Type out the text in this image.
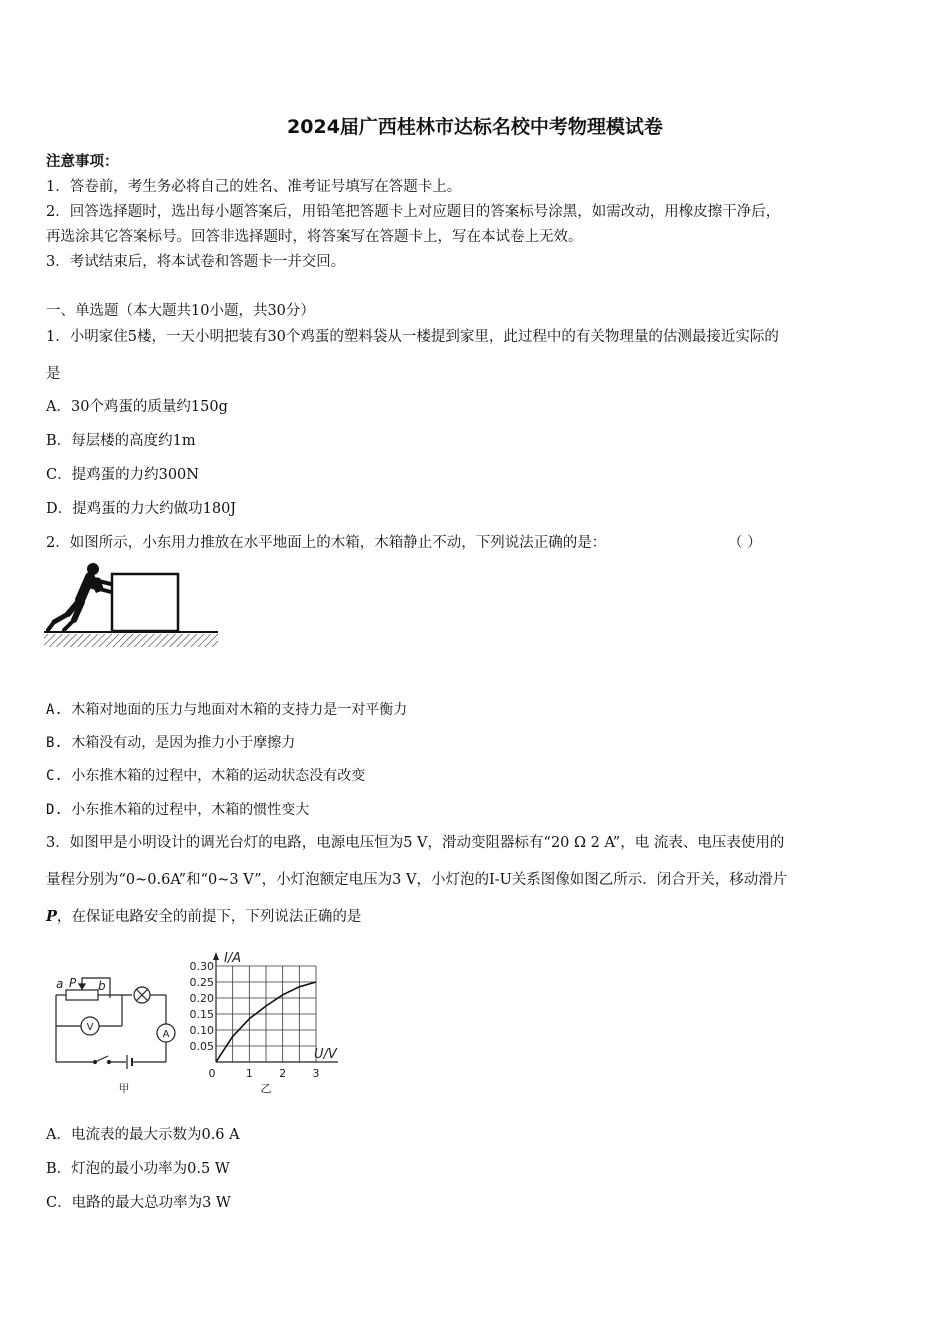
2024届广西桂林市达标名校中考物理模试卷
注意事项：
1．答卷前，考生务必将自己的姓名、准考证号填写在答题卡上。
2．回答选择题时，选出每小题答案后，用铅笔把答题卡上对应题目的答案标号涂黑，如需改动，用橡皮擦干净后，
再选涂其它答案标号。回答非选择题时，将答案写在答题卡上，写在本试卷上无效。
3．考试结束后，将本试卷和答题卡一并交回。
一、单选题（本大题共10小题，共30分）
1．小明家住5楼，一天小明把装有30个鸡蛋的塑料袋从一楼提到家里，此过程中的有关物理量的估测最接近实际的
是
A．30个鸡蛋的质量约150g
B．每层楼的高度约1m
C．提鸡蛋的力约300N
D．提鸡蛋的力大约做功180J
2．如图所示，小东用力推放在水平地面上的木箱，木箱静止不动，下列说法正确的是：	（ ）
A. 木箱对地面的压力与地面对木箱的支持力是一对平衡力
B. 木箱没有动，是因为推力小于摩擦力
C. 小东推木箱的过程中，木箱的运动状态没有改变
D. 小东推木箱的过程中，木箱的惯性变大
3．如图甲是小明设计的调光台灯的电路，电源电压恒为5 V，滑动变阻器标有“20 Ω 2 A”，电 流表、电压表使用的
量程分别为“0~0.6A”和“0~3 V”，小灯泡额定电压为3 V，小灯泡的I-U关系图像如图乙所示．闭合开关，移动滑片
P，在保证电路安全的前提下，下列说法正确的是
a P b
V
A
甲
0.05
0.10
0.15
0.20
0.25
0.30
0	1 2 3
I/A
U/V
乙
A．电流表的最大示数为0.6 A
B．灯泡的最小功率为0.5 W
C．电路的最大总功率为3 W
